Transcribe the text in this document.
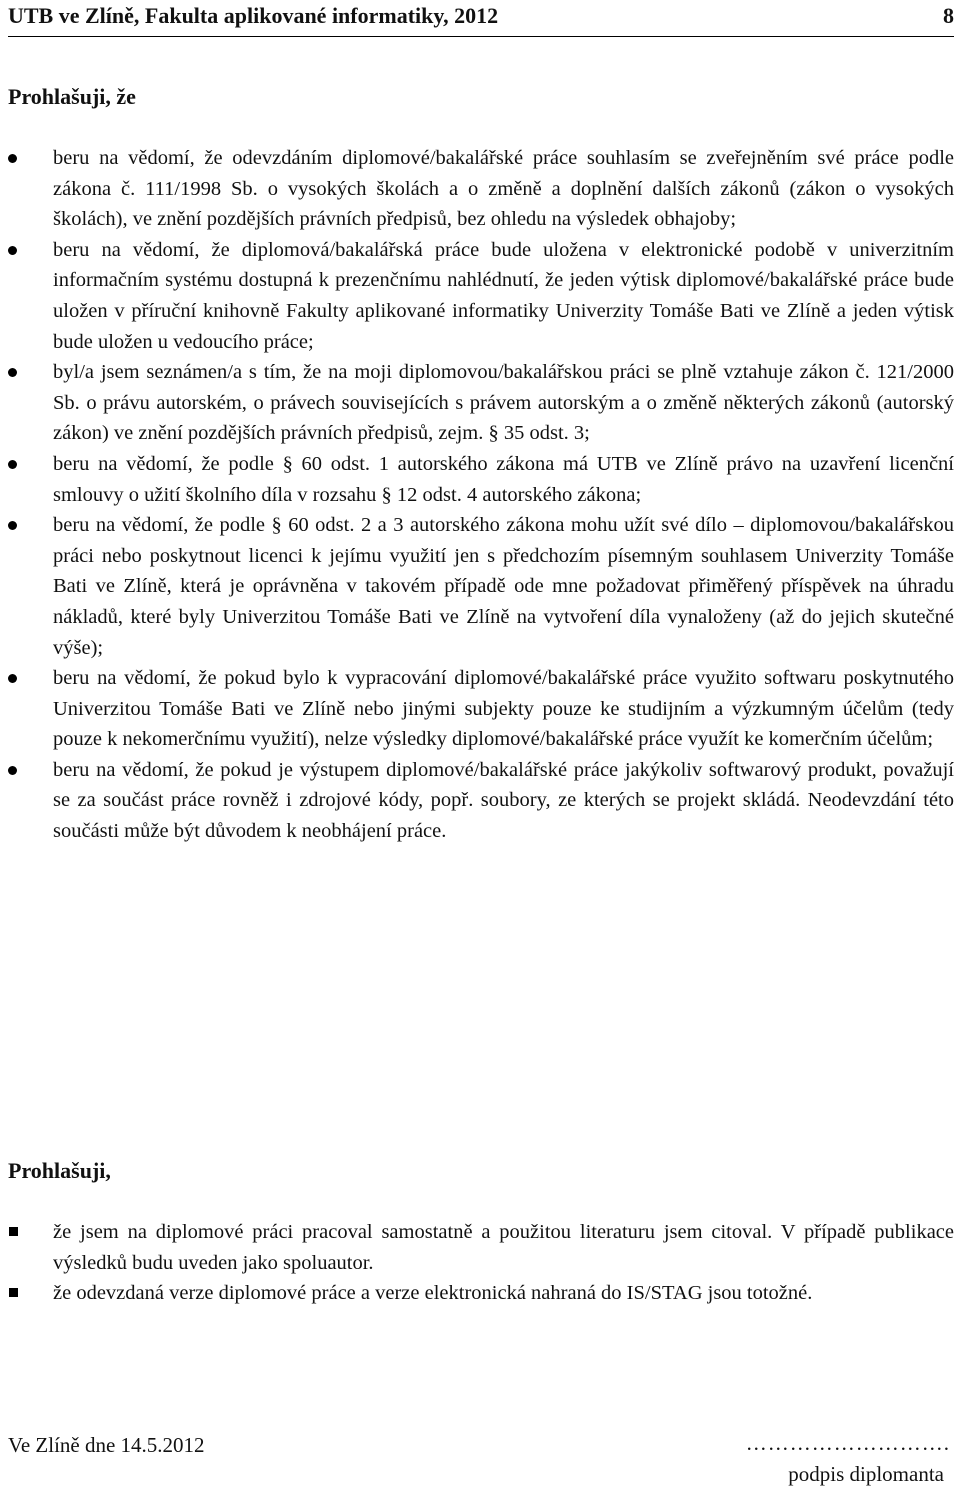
UTB ve Zlíně, Fakulta aplikované informatiky, 2012	8
Prohlašuji, že
beru na vědomí, že odevzdáním diplomové/bakalářské práce souhlasím se zveřejněním své práce podle zákona č. 111/1998 Sb. o vysokých školách a o změně a doplnění dalších zákonů (zákon o vysokých školách), ve znění pozdějších právních předpisů, bez ohledu na výsledek obhajoby;
beru na vědomí, že diplomová/bakalářská práce bude uložena v elektronické podobě v univerzitním informačním systému dostupná k prezenčnímu nahlédnutí, že jeden výtisk diplomové/bakalářské práce bude uložen v příruční knihovně Fakulty aplikované informatiky Univerzity Tomáše Bati ve Zlíně a jeden výtisk bude uložen u vedoucího práce;
byl/a jsem seznámen/a s tím, že na moji diplomovou/bakalářskou práci se plně vztahuje zákon č. 121/2000 Sb. o právu autorském, o právech souvisejících s právem autorským a o změně některých zákonů (autorský zákon) ve znění pozdějších právních předpisů, zejm. § 35 odst. 3;
beru na vědomí, že podle § 60 odst. 1 autorského zákona má UTB ve Zlíně právo na uzavření licenční smlouvy o užití školního díla v rozsahu § 12 odst. 4 autorského zákona;
beru na vědomí, že podle § 60 odst. 2 a 3 autorského zákona mohu užít své dílo – diplomovou/bakalářskou práci nebo poskytnout licenci k jejímu využití jen s předchozím písemným souhlasem Univerzity Tomáše Bati ve Zlíně, která je oprávněna v takovém případě ode mne požadovat přiměřený příspěvek na úhradu nákladů, které byly Univerzitou Tomáše Bati ve Zlíně na vytvoření díla vynaloženy (až do jejich skutečné výše);
beru na vědomí, že pokud bylo k vypracování diplomové/bakalářské práce využito softwaru poskytnutého Univerzitou Tomáše Bati ve Zlíně nebo jinými subjekty pouze ke studijním a výzkumným účelům (tedy pouze k nekomerčnímu využití), nelze výsledky diplomové/bakalářské práce využít ke komerčním účelům;
beru na vědomí, že pokud je výstupem diplomové/bakalářské práce jakýkoliv softwarový produkt, považují se za součást práce rovněž i zdrojové kódy, popř. soubory, ze kterých se projekt skládá. Neodevzdání této součásti může být důvodem k neobhájení práce.
Prohlašuji,
že jsem na diplomové práci pracoval samostatně a použitou literaturu jsem citoval. V případě publikace výsledků budu uveden jako spoluautor.
že odevzdaná verze diplomové práce a verze elektronická nahraná do IS/STAG jsou totožné.
Ve Zlíně dne 14.5.2012	……………………….
podpis diplomanta
